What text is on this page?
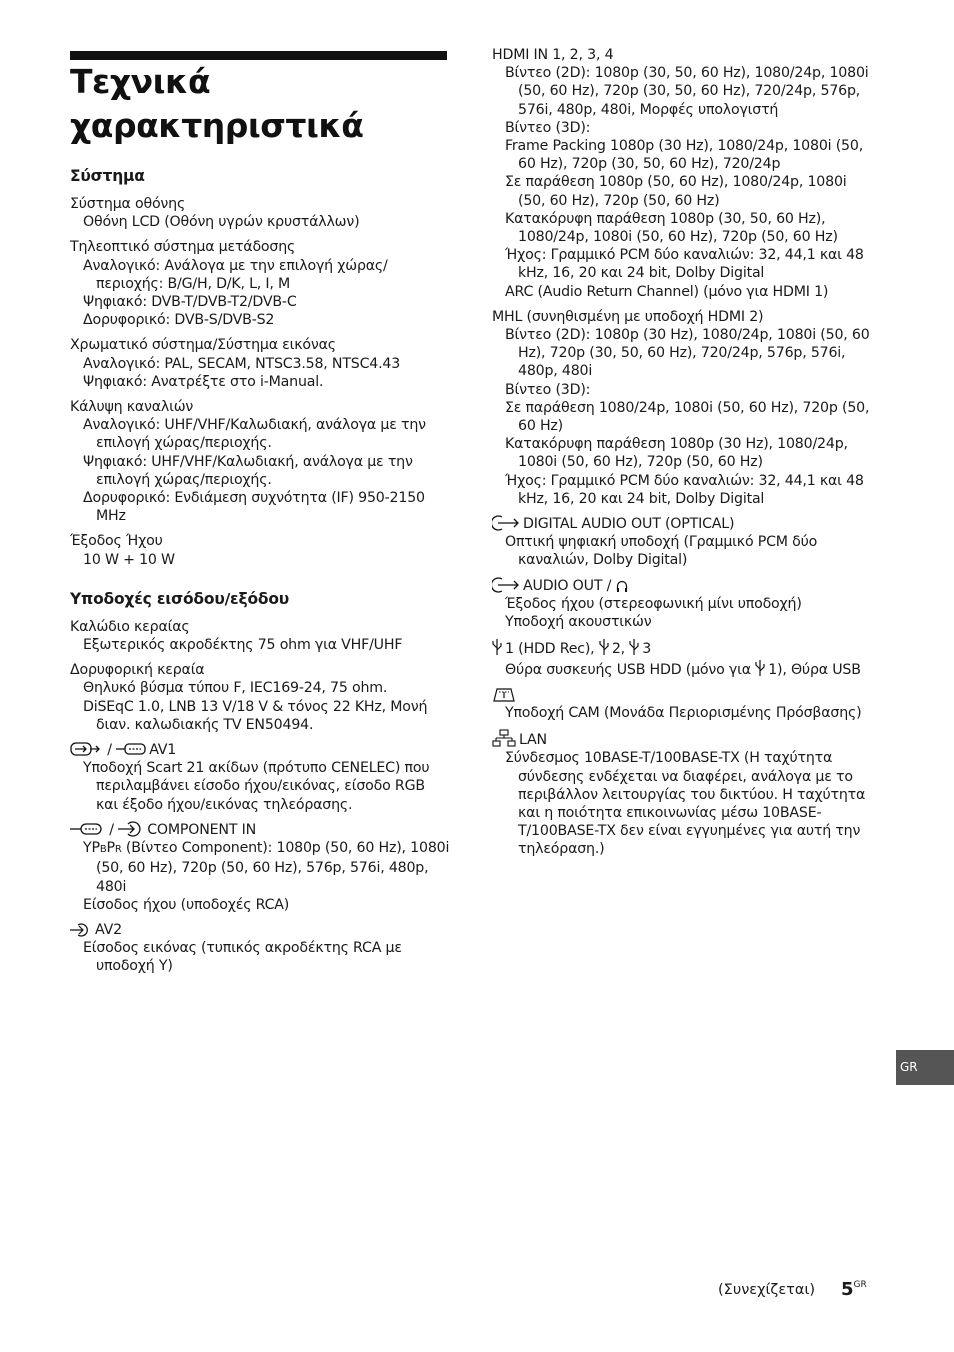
Τεχνικά
χαρακτηριστικά
Σύστημα

Σύστημα οθόνης

Οθόνη LCD (Οθόνη υγρών κρυστάλλων)

Τηλεοπτικό σύστημα μετάδοσης

Αναλογικό: Ανάλογα με την επιλογή χώρας/περιοχής: B/G/H, D/K, L, I, M

Ψηφιακό: DVB-T/DVB-T2/DVB-C

Δορυφορικό: DVB-S/DVB-S2

Χρωματικό σύστημα/Σύστημα εικόνας

Αναλογικό: PAL, SECAM, NTSC3.58, NTSC4.43

Ψηφιακό: Ανατρέξτε στο i-Manual.

Κάλυψη καναλιών

Αναλογικό: UHF/VHF/Καλωδιακή, ανάλογα με την επιλογή χώρας/περιοχής.

Ψηφιακό: UHF/VHF/Καλωδιακή, ανάλογα με την επιλογή χώρας/περιοχής.

Δορυφορικό: Ενδιάμεση συχνότητα (IF) 950-2150 MHz

Έξοδος Ήχου

10 W + 10 W

Υποδοχές εισόδου/εξόδου

Καλώδιο κεραίας

Εξωτερικός ακροδέκτης 75 ohm για VHF/UHF

Δορυφορική κεραία

Θηλυκό βύσμα τύπου F, IEC169-24, 75 ohm.

DiSEqC 1.0, LNB 13 V/18 V & τόνος 22 KHz, Μονή διαν. καλωδιακής TV EN50494.

/ AV1

Υποδοχή Scart 21 ακίδων (πρότυπο CENELEC) που περιλαμβάνει είσοδο ήχου/εικόνας, είσοδο RGB και έξοδο ήχου/εικόνας τηλεόρασης.

/ COMPONENT IN

YPBPR (Βίντεο Component): 1080p (50, 60 Hz), 1080i (50, 60 Hz), 720p (50, 60 Hz), 576p, 576i, 480p, 480i

Είσοδος ήχου (υποδοχές RCA)

AV2

Είσοδος εικόνας (τυπικός ακροδέκτης RCA με υποδοχή Y)

HDMI IN 1, 2, 3, 4

Βίντεο (2D): 1080p (30, 50, 60 Hz), 1080/24p, 1080i (50, 60 Hz), 720p (30, 50, 60 Hz), 720/24p, 576p, 576i, 480p, 480i, Μορφές υπολογιστή

Βίντεο (3D):

Frame Packing 1080p (30 Hz), 1080/24p, 1080i (50, 60 Hz), 720p (30, 50, 60 Hz), 720/24p

Σε παράθεση 1080p (50, 60 Hz), 1080/24p, 1080i (50, 60 Hz), 720p (50, 60 Hz)

Κατακόρυφη παράθεση 1080p (30, 50, 60 Hz), 1080/24p, 1080i (50, 60 Hz), 720p (50, 60 Hz)

Ήχος: Γραμμικό PCM δύο καναλιών: 32, 44,1 και 48 kHz, 16, 20 και 24 bit, Dolby Digital

ARC (Audio Return Channel) (μόνο για HDMI 1)

MHL (συνηθισμένη με υποδοχή HDMI 2)

Βίντεο (2D): 1080p (30 Hz), 1080/24p, 1080i (50, 60 Hz), 720p (30, 50, 60 Hz), 720/24p, 576p, 576i, 480p, 480i

Βίντεο (3D):

Σε παράθεση 1080/24p, 1080i (50, 60 Hz), 720p (50, 60 Hz)

Κατακόρυφη παράθεση 1080p (30 Hz), 1080/24p, 1080i (50, 60 Hz), 720p (50, 60 Hz)

Ήχος: Γραμμικό PCM δύο καναλιών: 32, 44,1 και 48 kHz, 16, 20 και 24 bit, Dolby Digital

DIGITAL AUDIO OUT (OPTICAL)

Οπτική ψηφιακή υποδοχή (Γραμμικό PCM δύο καναλιών, Dolby Digital)

AUDIO OUT /

Έξοδος ήχου (στερεοφωνική μίνι υποδοχή)

Υποδοχή ακουστικών

1 (HDD Rec), 2, 3

Θύρα συσκευής USB HDD (μόνο για 1), Θύρα USB

Υποδοχή CAM (Μονάδα Περιορισμένης Πρόσβασης)

LAN

Σύνδεσμος 10BASE-T/100BASE-TX (Η ταχύτητα σύνδεσης ενδέχεται να διαφέρει, ανάλογα με το περιβάλλον λειτουργίας του δικτύου. Η ταχύτητα και η ποιότητα επικοινωνίας μέσω 10BASE-T/100BASE-TX δεν είναι εγγυημένες για αυτή την τηλεόραση.)

GR
(Συνεχίζεται) $5^{GR}$
